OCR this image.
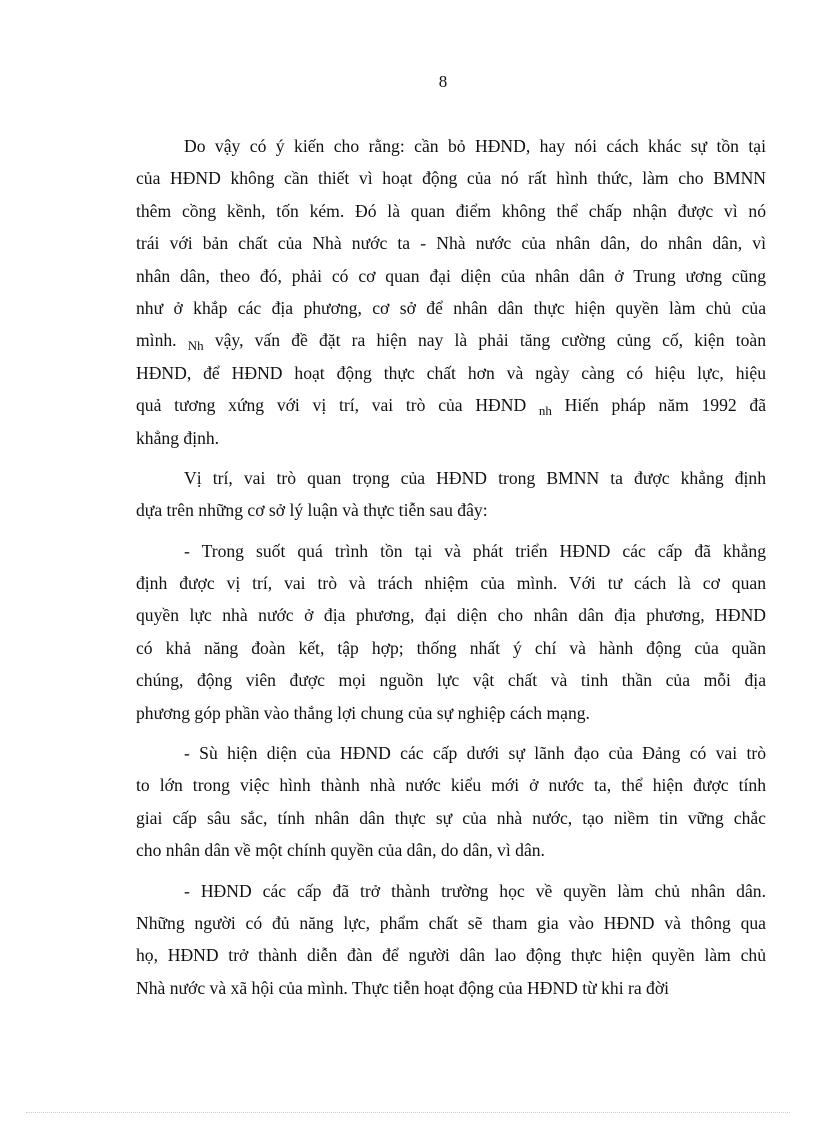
8
Do vậy có ý kiến cho rằng: cần bỏ HĐND, hay nói cách khác sự tồn tại
của HĐND không cần thiết vì hoạt động của nó rất hình thức, làm cho BMNN
thêm cồng kềnh, tốn kém. Đó là quan điểm không thể chấp nhận được vì nó
trái với bản chất của Nhà nước ta - Nhà nước của nhân dân, do nhân dân, vì
nhân dân, theo đó, phải có cơ quan đại diện của nhân dân ở Trung ương cũng
như ở khắp các địa phương, cơ sở để nhân dân thực hiện quyền làm chủ của
mình. $_{Nh}$ vậy, vấn đề đặt ra hiện nay là phải tăng cường củng cố, kiện toàn
HĐND, để HĐND hoạt động thực chất hơn và ngày càng có hiệu lực, hiệu
quả tương xứng với vị trí, vai trò của HĐND $_{nh}$ Hiến pháp năm 1992 đã
khẳng định.
Vị trí, vai trò quan trọng của HĐND trong BMNN ta được khẳng định
dựa trên những cơ sở lý luận và thực tiễn sau đây:
- Trong suốt quá trình tồn tại và phát triển HĐND các cấp đã khẳng
định được vị trí, vai trò và trách nhiệm của mình. Với tư cách là cơ quan
quyền lực nhà nước ở địa phương, đại diện cho nhân dân địa phương, HĐND
có khả năng đoàn kết, tập hợp; thống nhất ý chí và hành động của quần
chúng, động viên được mọi nguồn lực vật chất và tinh thần của mỗi địa
phương góp phần vào thắng lợi chung của sự nghiệp cách mạng.
- Sù hiện diện của HĐND các cấp dưới sự lãnh đạo của Đảng có vai trò
to lớn trong việc hình thành nhà nước kiểu mới ở nước ta, thể hiện được tính
giai cấp sâu sắc, tính nhân dân thực sự của nhà nước, tạo niềm tin vững chắc
cho nhân dân về một chính quyền của dân, do dân, vì dân.
- HĐND các cấp đã trở thành trường học về quyền làm chủ nhân dân.
Những người có đủ năng lực, phẩm chất sẽ tham gia vào HĐND và thông qua
họ, HĐND trở thành diễn đàn để người dân lao động thực hiện quyền làm chủ
Nhà nước và xã hội của mình. Thực tiễn hoạt động của HĐND từ khi ra đời
